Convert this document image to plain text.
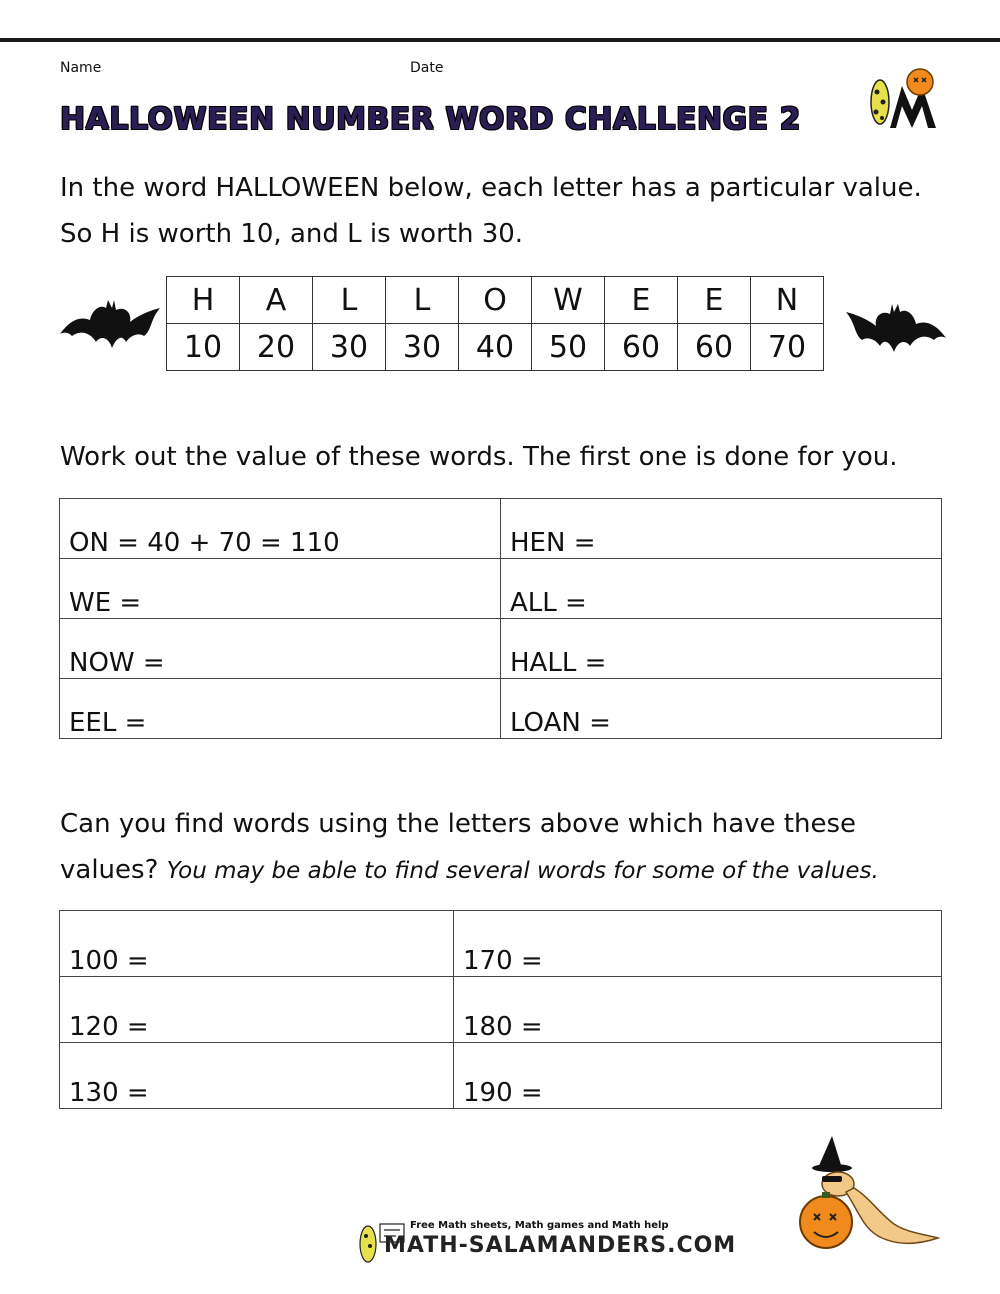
Name	Date
HALLOWEEN NUMBER WORD CHALLENGE 2

In the word HALLOWEEN below, each letter has a particular value.

So H is worth 10, and L is worth 30.

H	A	L	L	O	W	E	E	N
10	20	30	30	40	50	60	60	70

Work out the value of these words. The first one is done for you.

ON = 40 + 70 = 110	HEN =
WE =	ALL =
NOW =	HALL =
EEL =	LOAN =

Can you find words using the letters above which have these

values? You may be able to find several words for some of the values.

100 =	170 =
120 =	180 =
130 =	190 =
Free Math sheets, Math games and Math help
MATH-SALAMANDERS.COM
